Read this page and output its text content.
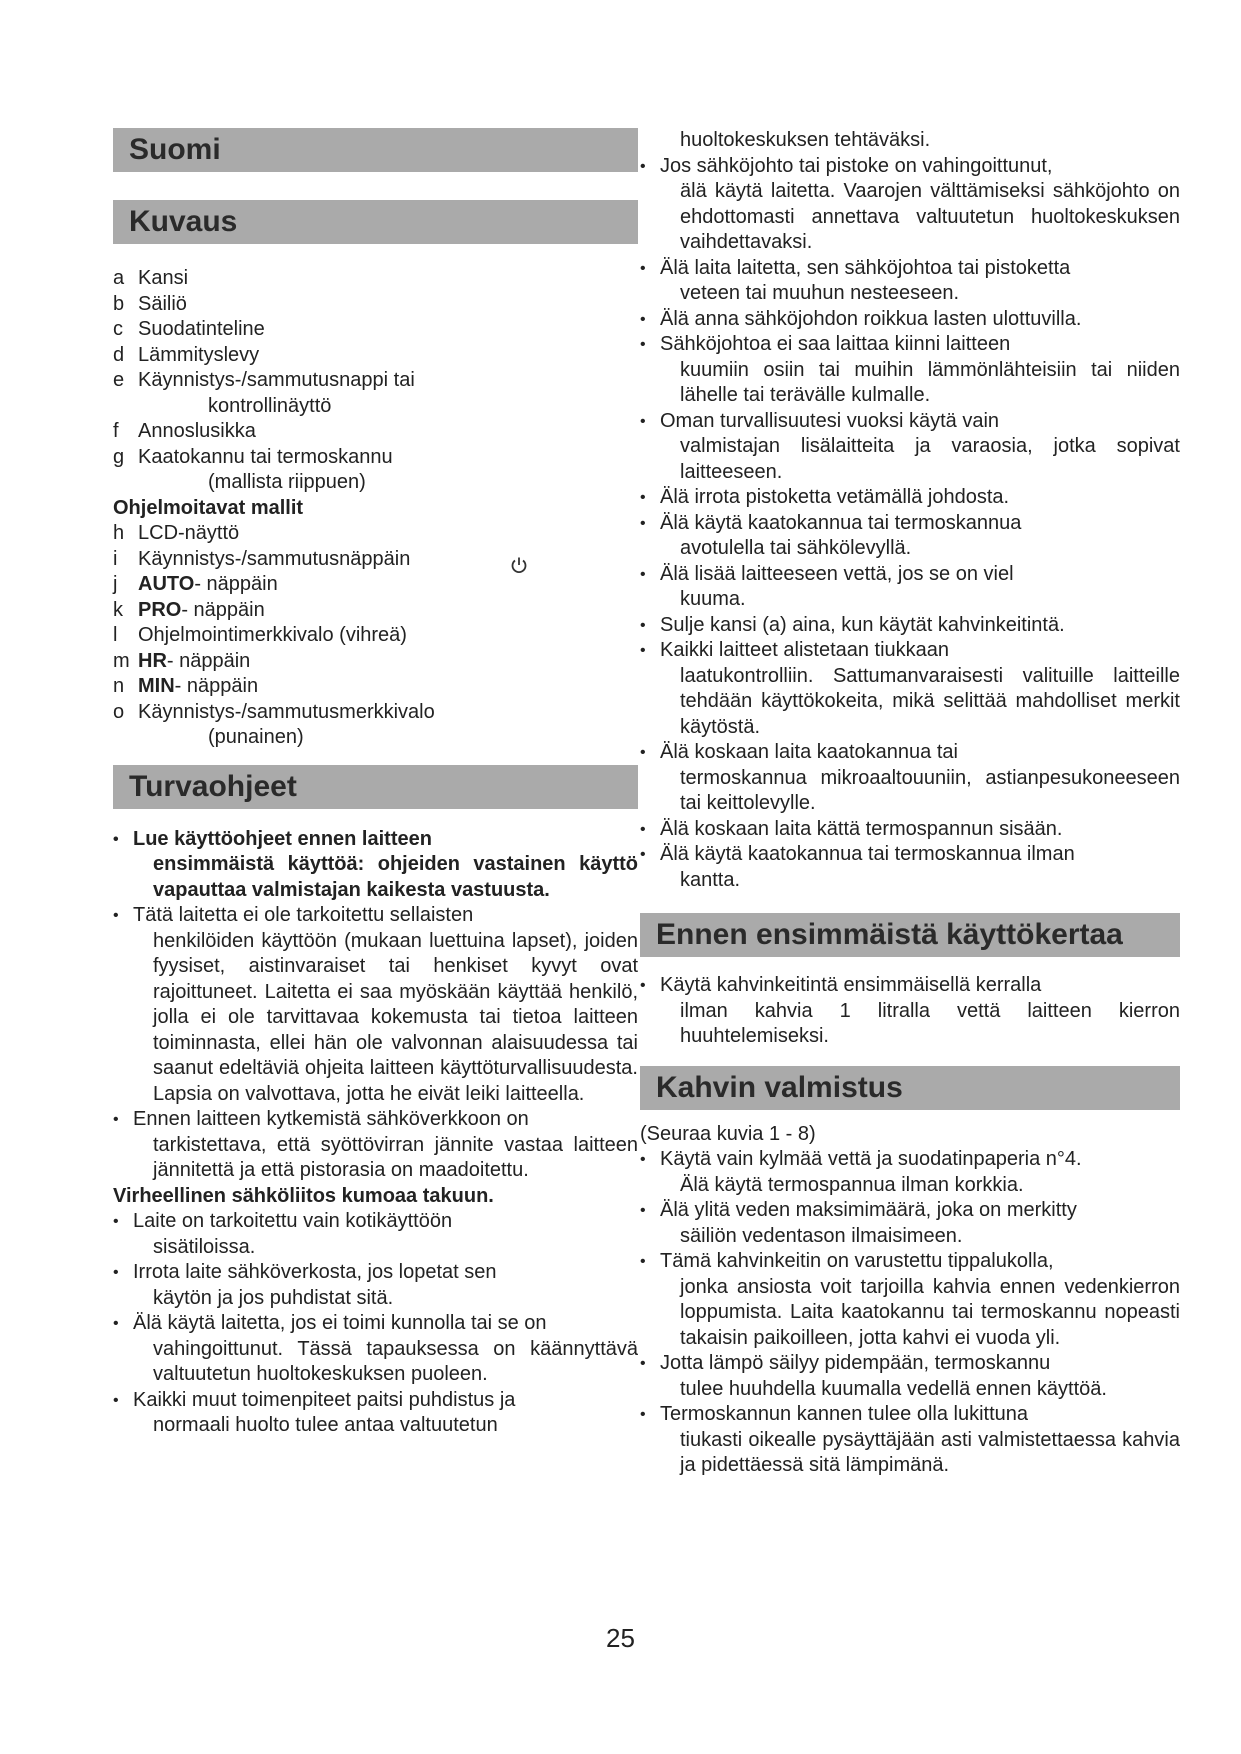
Suomi
Kuvaus
a Kansi
b Säiliö
c Suodatinteline
d Lämmityslevy
e Käynnistys-/sammutusnappi tai
kontrollinäyttö
f Annoslusikka
g Kaatokannu tai termoskannu
(mallista riippuen)
Ohjelmoitavat mallit
h LCD-näyttö
i	Käynnistys-/sammutusnäppäin
j	AUTO - näppäin
k PRO - näppäin
l	Ohjelmointimerkkivalo (vihreä)
m HR - näppäin
n MIN - näppäin
o Käynnistys-/sammutusmerkkivalo
(punainen)
Turvaohjeet
• Lue käyttöohjeet ennen laitteen
ensimmäistä käyttöä: ohjeiden vastainen käyttö vapauttaa valmistajan kaikesta vastuusta.
• Tätä laitetta ei ole tarkoitettu sellaisten
henkilöiden käyttöön (mukaan luettuina lapset), joiden fyysiset, aistinvaraiset tai henkiset kyvyt ovat rajoittuneet. Laitetta ei saa myöskään käyttää henkilö, jolla ei ole tarvittavaa kokemusta tai tietoa laitteen toiminnasta, ellei hän ole valvonnan alaisuudessa tai saanut edeltäviä ohjeita laitteen käyttöturvallisuudesta. Lapsia on valvottava, jotta he eivät leiki laitteella.
• Ennen laitteen kytkemistä sähköverkkoon on
tarkistettava, että syöttövirran jännite vastaa laitteen jännitettä ja että pistorasia on maadoitettu.
Virheellinen sähköliitos kumoaa takuun.
• Laite on tarkoitettu vain kotikäyttöön
sisätiloissa.
• Irrota laite sähköverkosta, jos lopetat sen
käytön ja jos puhdistat sitä.
• Älä käytä laitetta, jos ei toimi kunnolla tai se on
vahingoittunut. Tässä tapauksessa on käännyttävä valtuutetun huoltokeskuksen puoleen.
• Kaikki muut toimenpiteet paitsi puhdistus ja
normaali huolto tulee antaa valtuutetun
huoltokeskuksen tehtäväksi.
• Jos sähköjohto tai pistoke on vahingoittunut,
älä käytä laitetta. Vaarojen välttämiseksi sähköjohto on ehdottomasti annettava valtuutetun huoltokeskuksen vaihdettavaksi.
• Älä laita laitetta, sen sähköjohtoa tai pistoketta
veteen tai muuhun nesteeseen.
• Älä anna sähköjohdon roikkua lasten ulottuvilla.
• Sähköjohtoa ei saa laittaa kiinni laitteen
kuumiin osiin tai muihin lämmönlähteisiin tai niiden lähelle tai terävälle kulmalle.
• Oman turvallisuutesi vuoksi käytä vain
valmistajan lisälaitteita ja varaosia, jotka sopivat laitteeseen.
• Älä irrota pistoketta vetämällä johdosta.
• Älä käytä kaatokannua tai termoskannua
avotulella tai sähkölevyllä.
• Älä lisää laitteeseen vettä, jos se on viel
kuuma.
• Sulje kansi (a) aina, kun käytät kahvinkeitintä.
• Kaikki laitteet alistetaan tiukkaan
laatukontrolliin. Sattumanvaraisesti valituille laitteille tehdään käyttökokeita, mikä selittää mahdolliset merkit käytöstä.
• Älä koskaan laita kaatokannua tai
termoskannua mikroaaltouuniin, astianpesukoneeseen tai keittolevylle.
• Älä koskaan laita kättä termospannun sisään.
• Älä käytä kaatokannua tai termoskannua ilman
kantta.
Ennen ensimmäistä käyttökertaa
• Käytä kahvinkeitintä ensimmäisellä kerralla
ilman kahvia 1 litralla vettä laitteen kierron huuhtelemiseksi.
Kahvin valmistus
(Seuraa kuvia 1 - 8)
• Käytä vain kylmää vettä ja suodatinpaperia n°4.
Älä käytä termospannua ilman korkkia.
• Älä ylitä veden maksimimäärä, joka on merkitty
säiliön vedentason ilmaisimeen.
• Tämä kahvinkeitin on varustettu tippalukolla,
jonka ansiosta voit tarjoilla kahvia ennen vedenkierron loppumista. Laita kaatokannu tai termoskannu nopeasti takaisin paikoilleen, jotta kahvi ei vuoda yli.
• Jotta lämpö säilyy pidempään, termoskannu
tulee huuhdella kuumalla vedellä ennen käyttöä.
• Termoskannun kannen tulee olla lukittuna
tiukasti oikealle pysäyttäjään asti valmistettaessa kahvia ja pidettäessä sitä lämpimänä.
25
